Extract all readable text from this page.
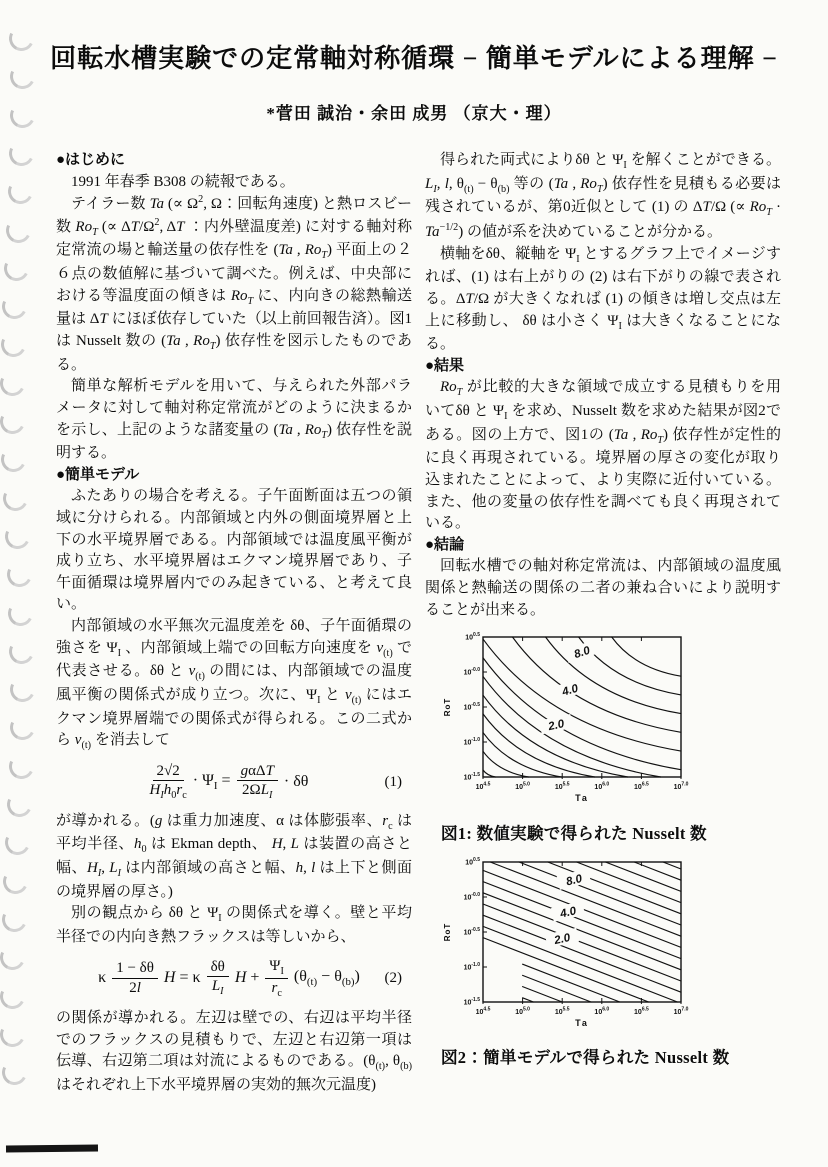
回転水槽実験での定常軸対称循環 − 簡単モデルによる理解 −
*菅田 誠治・余田 成男 （京大・理）
●はじめに

1991 年春季 B308 の続報である。

テイラー数 Ta (∝ $\Omega^2$, Ω：回転角速度) と熱ロスビー数 $Ro_T$ (∝ $\Delta T/\Omega^2$, ΔT ：内外壁温度差) に対する軸対称定常流の場と輸送量の依存性を (Ta , $Ro_T$) 平面上の２６点の数値解に基づいて調べた。例えば、中央部における等温度面の傾きは $Ro_T$ に、内向きの総熱輸送量は ΔT にほぼ依存していた（以上前回報告済）。図1は Nusselt 数の (Ta , $Ro_T$) 依存性を図示したものである。

簡単な解析モデルを用いて、与えられた外部パラメータに対して軸対称定常流がどのように決まるかを示し、上記のような諸変量の (Ta , $Ro_T$) 依存性を説明する。

●簡単モデル

ふたありの場合を考える。子午面断面は五つの領域に分けられる。内部領域と内外の側面境界層と上下の水平境界層である。内部領域では温度風平衡が成り立ち、水平境界層はエクマン境界層であり、子午面循環は境界層内でのみ起きている、と考えて良い。

内部領域の水平無次元温度差を δθ、子午面循環の強さを $\Psi_I$ 、内部領域上端での回転方向速度を $v_{(t)}$ で代表させる。δθ と $v_{(t)}$ の間には、内部領域での温度風平衡の関係式が成り立つ。次に、$\Psi_I$ と $v_{(t)}$ にはエクマン境界層端での関係式が得られる。この二式から $v_{(t)}$ を消去して

$\frac{2√2}{H_Ih_0r_c} \cdot \Psi_I = \frac{\text{gαΔT}}{2\Omega L_I} \cdot \delta\theta$	(1)

が導かれる。(g は重力加速度、α は体膨張率、$r_c$ は平均半径、$h_0$ は Ekman depth、 H, L は装置の高さと幅、$H_I$, $L_I$ は内部領域の高さと幅、h, l は上下と側面の境界層の厚さ。)

別の観点から δθ と $\Psi_I$ の関係式を導く。壁と平均半径での内向き熱フラックスは等しいから、

κ $\frac{1 - \delta\theta}{2l}$ H = κ $\frac{\delta\theta}{L_I}$ $H + \frac{\Psi_I}{r_c} (\theta_{(t)} - \theta_{(b)})$ (2)

の関係が導かれる。左辺は壁での、右辺は平均半径でのフラックスの見積もりで、左辺と右辺第一項は伝導、右辺第二項は対流によるものである。($\theta_{(t)}$, $\theta_{(b)}$ はそれぞれ上下水平境界層の実効的無次元温度)

得られた両式によりδθ と $\Psi_I$ を解くことができる。$L_I$, l, $\theta_{(t)} - \theta_{(b)}$ 等の (Ta , $Ro_T$) 依存性を見積もる必要は残されているが、第0近似として (1) の ΔT/Ω (∝ $Ro_T \cdot Ta^{-1/2}$) の値が系を決めていることが分かる。

横軸をδθ、縦軸を $\Psi_I$ とするグラフ上でイメージすれば、(1) は右上がりの (2) は右下がりの線で表される。ΔT/Ω が大きくなれば (1) の傾きは増し交点は左上に移動し、 δθ は小さく $\Psi_I$ は大きくなることになる。

●結果

$Ro_T$ が比較的大きな領域で成立する見積もりを用いてδθ と $\Psi_I$ を求め、Nusselt 数を求めた結果が図2である。図の上方で、図1の (Ta , $Ro_T$) 依存性が定性的に良く再現されている。境界層の厚さの変化が取り込まれたことによって、より実際に近付いている。また、他の変量の依存性を調べても良く再現されている。

●結論

回転水槽での軸対称定常流は、内部領域の温度風関係と熱輸送の関係の二者の兼ね合いにより説明することが出来る。

$10^{4.5}$	$10^{5.0}$	$10^{5.5}$	$10^{6.0}$	$10^{6.5}$	$10^{7.0}$
$10^{0.5}$
$10^{-0.0}$
$10^{-0.5}$
$10^{-1.0}$
$10^{-1.5}$
Ta
RoT
8.0
4.0
2.0
図1: 数値実験で得られた Nusselt 数
$10^{4.5}$	$10^{5.0}$	$10^{5.5}$	$10^{6.0}$	$10^{6.5}$	$10^{7.0}$
$10^{0.5}$
$10^{-0.0}$
$10^{-0.5}$
$10^{-1.0}$
$10^{-1.5}$
Ta
RoT
8.0
4.0
2.0
図2：簡単モデルで得られた Nusselt 数
